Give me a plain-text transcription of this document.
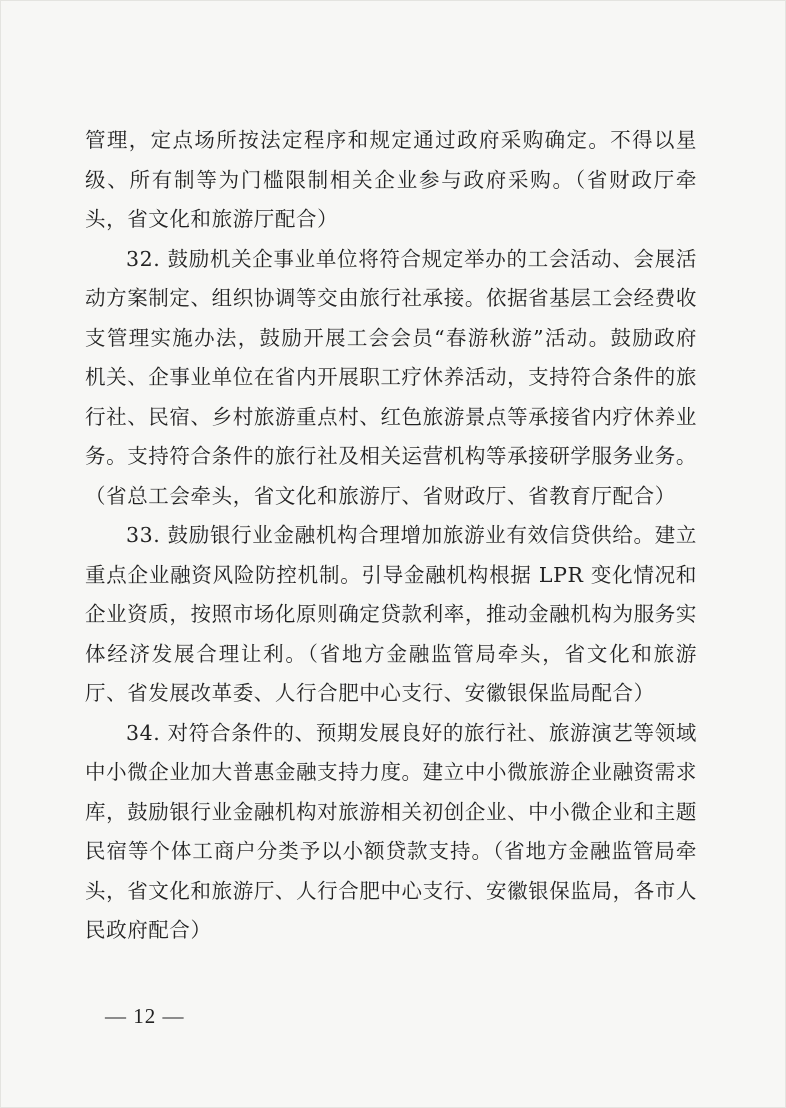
管理，定点场所按法定程序和规定通过政府采购确定。不得以星级、所有制等为门槛限制相关企业参与政府采购。（省财政厅牵头，省文化和旅游厅配合）

32. 鼓励机关企事业单位将符合规定举办的工会活动、会展活动方案制定、组织协调等交由旅行社承接。依据省基层工会经费收支管理实施办法，鼓励开展工会会员“春游秋游”活动。鼓励政府机关、企事业单位在省内开展职工疗休养活动，支持符合条件的旅行社、民宿、乡村旅游重点村、红色旅游景点等承接省内疗休养业务。支持符合条件的旅行社及相关运营机构等承接研学服务业务。（省总工会牵头，省文化和旅游厅、省财政厅、省教育厅配合）

33. 鼓励银行业金融机构合理增加旅游业有效信贷供给。建立重点企业融资风险防控机制。引导金融机构根据 LPR 变化情况和企业资质，按照市场化原则确定贷款利率，推动金融机构为服务实体经济发展合理让利。（省地方金融监管局牵头，省文化和旅游厅、省发展改革委、人行合肥中心支行、安徽银保监局配合）

34. 对符合条件的、预期发展良好的旅行社、旅游演艺等领域中小微企业加大普惠金融支持力度。建立中小微旅游企业融资需求库，鼓励银行业金融机构对旅游相关初创企业、中小微企业和主题民宿等个体工商户分类予以小额贷款支持。（省地方金融监管局牵头，省文化和旅游厅、人行合肥中心支行、安徽银保监局，各市人民政府配合）

— 12 —
